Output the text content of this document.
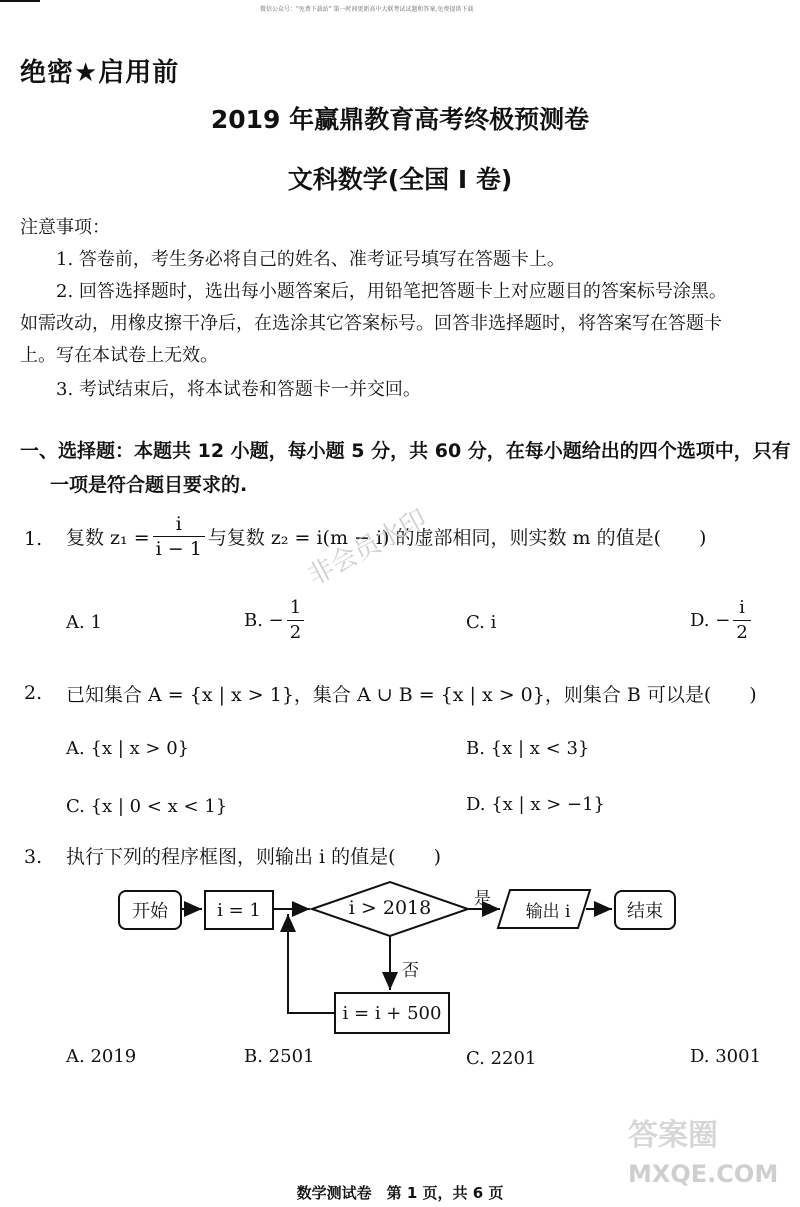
微信公众号："免费下载站" 第一时间更新高中大联考试试题和答案,免费提供下载
绝密★启用前
2019 年赢鼎教育高考终极预测卷
文科数学(全国 I 卷)
注意事项：
1. 答卷前，考生务必将自己的姓名、准考证号填写在答题卡上。
2. 回答选择题时，选出每小题答案后，用铅笔把答题卡上对应题目的答案标号涂黑。
如需改动，用橡皮擦干净后，在选涂其它答案标号。回答非选择题时，将答案写在答题卡
上。写在本试卷上无效。
3. 考试结束后，将本试卷和答题卡一并交回。
一、选择题：本题共 12 小题，每小题 5 分，共 60 分，在每小题给出的四个选项中，只有
一项是符合题目要求的.
1. 复数 $z_1 = \frac{i}{i - 1}$ 与复数 z₂ = i(m − i) 的虚部相同，则实数 m 的值是(　　)
A. 1	B. − $\frac{1}{2}$	C. i	D. − $\frac{i}{2}$
2. 已知集合 A = {x | x > 1}，集合 A ∪ B = {x | x > 0}，则集合 B 可以是(　　)
A. {x | x > 0}	B. {x | x < 3}
C. {x | 0 < x < 1}	D. {x | x > −1}
3. 执行下列的程序框图，则输出 i 的值是(　　)
开始	i = 1	i > 2018	是
输出 i	结束
否
i = i + 500
A. 2019	B. 2501	C. 2201	D. 3001
非会员水印
答案圈
MXQE.COM
数学测试卷　第 1 页，共 6 页
